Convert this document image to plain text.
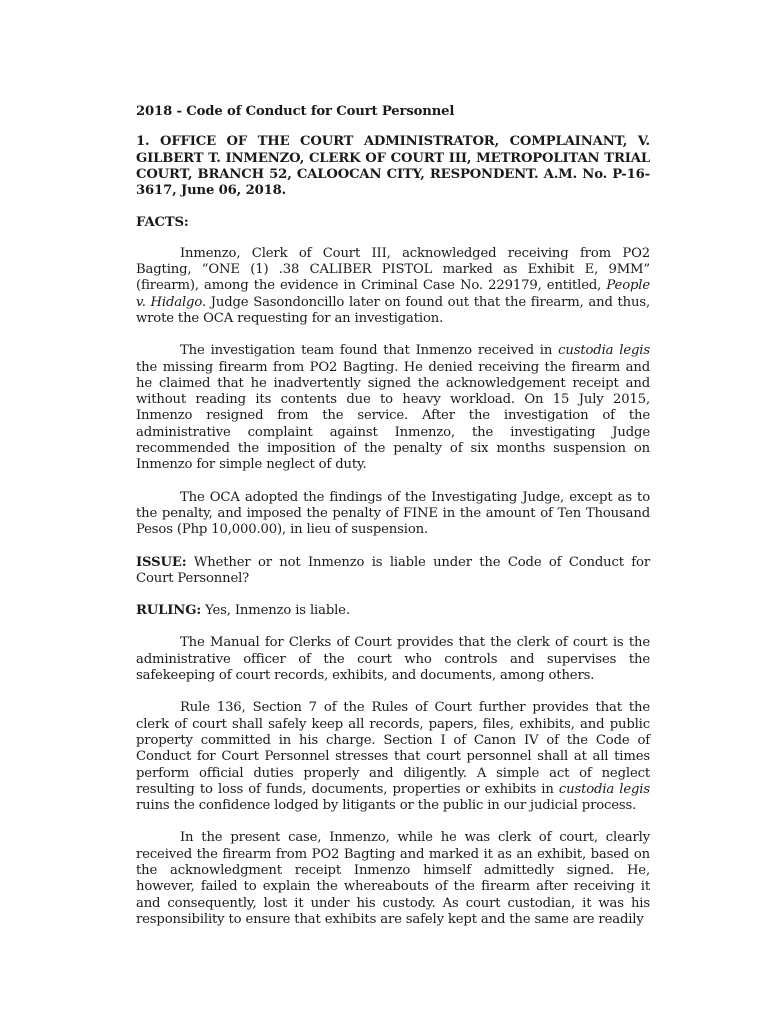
2018 - Code of Conduct for Court Personnel
1. OFFICE OF THE COURT ADMINISTRATOR, COMPLAINANT, V. GILBERT T. INMENZO, CLERK OF COURT III, METROPOLITAN TRIAL COURT, BRANCH 52, CALOOCAN CITY, RESPONDENT. A.M. No. P-16-3617, June 06, 2018.
FACTS:

Inmenzo, Clerk of Court III, acknowledged receiving from PO2 Bagting, “ONE (1) .38 CALIBER PISTOL marked as Exhibit E, 9MM” (firearm), among the evidence in Criminal Case No. 229179, entitled, People v. Hidalgo. Judge Sasondoncillo later on found out that the firearm, and thus, wrote the OCA requesting for an investigation.

The investigation team found that Inmenzo received in custodia legis the missing firearm from PO2 Bagting. He denied receiving the firearm and he claimed that he inadvertently signed the acknowledgement receipt and without reading its contents due to heavy workload. On 15 July 2015, Inmenzo resigned from the service. After the investigation of the administrative complaint against Inmenzo, the investigating Judge recommended the imposition of the penalty of six months suspension on Inmenzo for simple neglect of duty.

The OCA adopted the findings of the Investigating Judge, except as to the penalty, and imposed the penalty of FINE in the amount of Ten Thousand Pesos (Php 10,000.00), in lieu of suspension.

ISSUE: Whether or not Inmenzo is liable under the Code of Conduct for Court Personnel?

RULING: Yes, Inmenzo is liable.

The Manual for Clerks of Court provides that the clerk of court is the administrative officer of the court who controls and supervises the safekeeping of court records, exhibits, and documents, among others.

Rule 136, Section 7 of the Rules of Court further provides that the clerk of court shall safely keep all records, papers, files, exhibits, and public property committed in his charge. Section I of Canon IV of the Code of Conduct for Court Personnel stresses that court personnel shall at all times perform official duties properly and diligently. A simple act of neglect resulting to loss of funds, documents, properties or exhibits in custodia legis ruins the confidence lodged by litigants or the public in our judicial process.

In the present case, Inmenzo, while he was clerk of court, clearly received the firearm from PO2 Bagting and marked it as an exhibit, based on the acknowledgment receipt Inmenzo himself admittedly signed. He, however, failed to explain the whereabouts of the firearm after receiving it and consequently, lost it under his custody. As court custodian, it was his responsibility to ensure that exhibits are safely kept and the same are readily
